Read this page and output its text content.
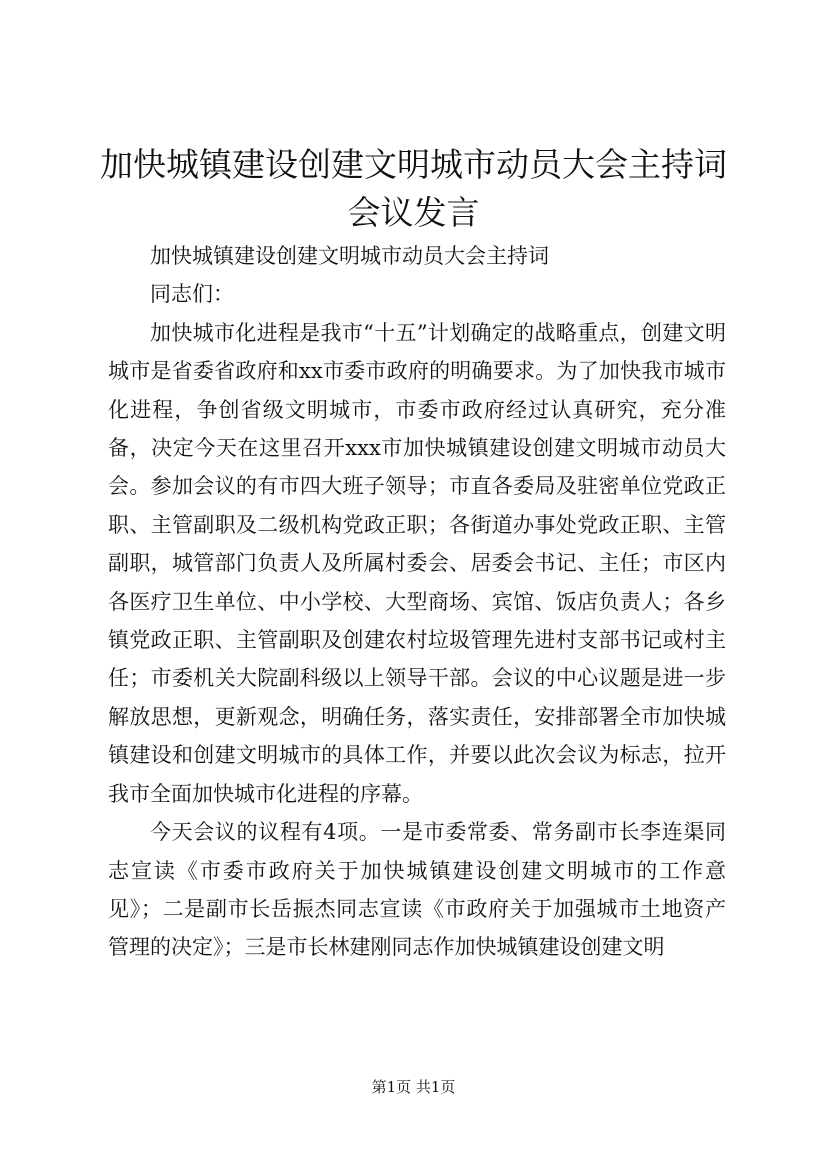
加快城镇建设创建文明城市动员大会主持词会议发言

加快城镇建设创建文明城市动员大会主持词

同志们：

加快城市化进程是我市“十五”计划确定的战略重点，创建文明城市是省委省政府和xx市委市政府的明确要求。为了加快我市城市化进程，争创省级文明城市，市委市政府经过认真研究，充分准备，决定今天在这里召开xxx市加快城镇建设创建文明城市动员大会。参加会议的有市四大班子领导；市直各委局及驻密单位党政正职、主管副职及二级机构党政正职；各街道办事处党政正职、主管副职，城管部门负责人及所属村委会、居委会书记、主任；市区内各医疗卫生单位、中小学校、大型商场、宾馆、饭店负责人；各乡镇党政正职、主管副职及创建农村垃圾管理先进村支部书记或村主任；市委机关大院副科级以上领导干部。会议的中心议题是进一步解放思想，更新观念，明确任务，落实责任，安排部署全市加快城镇建设和创建文明城市的具体工作，并要以此次会议为标志，拉开我市全面加快城市化进程的序幕。

今天会议的议程有4项。一是市委常委、常务副市长李连渠同志宣读《市委市政府关于加快城镇建设创建文明城市的工作意见》；二是副市长岳振杰同志宣读《市政府关于加强城市土地资产管理的决定》；三是市长林建刚同志作加快城镇建设创建文明

第1页 共1页
